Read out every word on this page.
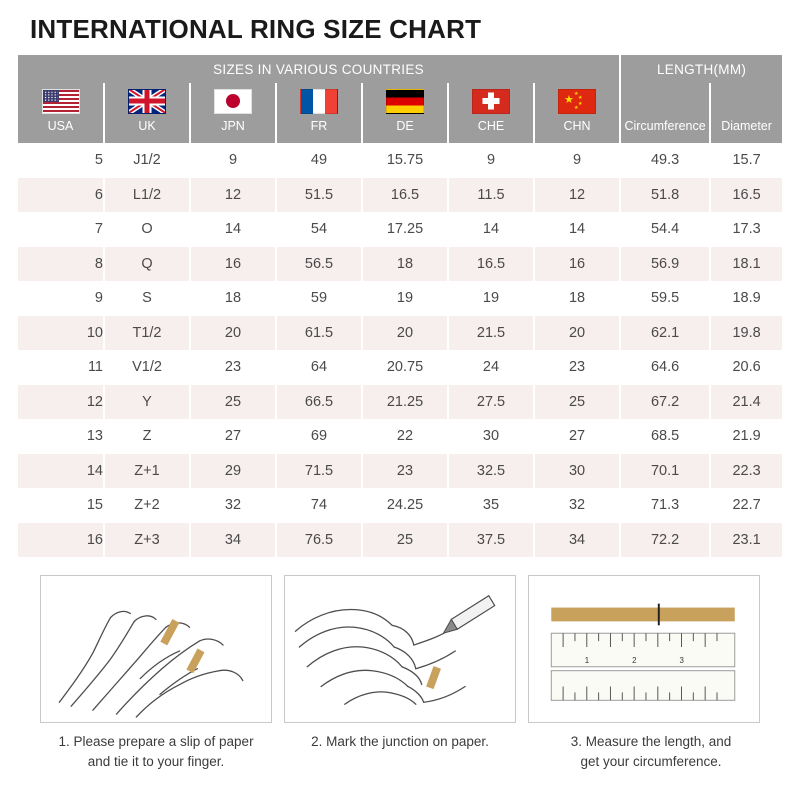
INTERNATIONAL RING SIZE CHART
SIZES IN VARIOUS COUNTRIES							LENGTH(MM)	

						★ ★
★
★
★		

USA	UK	JPN	FR	DE	CHE	CHN	Circumference	Diameter
5	J1/2	9	49	15.75	9	9	49.3	15.7
6	L1/2	12	51.5	16.5	11.5	12	51.8	16.5
7	O	14	54	17.25	14	14	54.4	17.3
8	Q	16	56.5	18	16.5	16	56.9	18.1
9	S	18	59	19	19	18	59.5	18.9
10	T1/2	20	61.5	20	21.5	20	62.1	19.8
11	V1/2	23	64	20.75	24	23	64.6	20.6
12	Y	25	66.5	21.25	27.5	25	67.2	21.4
13	Z	27	69	22	30	27	68.5	21.9
14	Z+1	29	71.5	23	32.5	30	70.1	22.3
15	Z+2	32	74	24.25	35	32	71.3	22.7
16	Z+3	34	76.5	25	37.5	34	72.2	23.1
1. Please prepare a slip of paper
and tie it to your finger.
2. Mark the junction on paper.
1	2	3
3. Measure the length, and
get your circumference.
